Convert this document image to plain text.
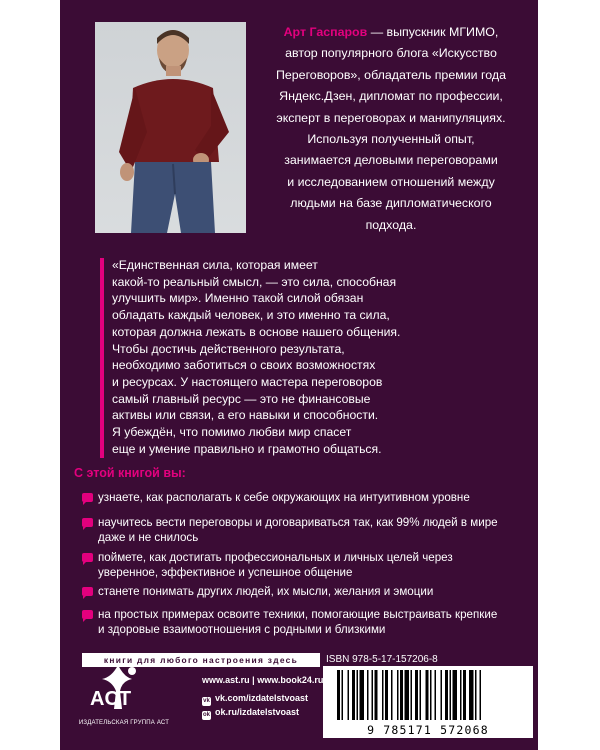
Арт Гаспаров — выпускник МГИМО,
автор популярного блога «Искусство
Переговоров», обладатель премии года
Яндекс.Дзен, дипломат по профессии,
эксперт в переговорах и манипуляциях.
Используя полученный опыт,
занимается деловыми переговорами
и исследованием отношений между
людьми на базе дипломатического
подхода.
«Единственная сила, которая имеет
какой-то реальный смысл, — это сила, способная
улучшить мир». Именно такой силой обязан
обладать каждый человек, и это именно та сила,
которая должна лежать в основе нашего общения.
Чтобы достичь действенного результата,
необходимо заботиться о своих возможностях
и ресурсах. У настоящего мастера переговоров
самый главный ресурс — это не финансовые
активы или связи, а его навыки и способности.
Я убеждён, что помимо любви мир спасет
еще и умение правильно и грамотно общаться.
С этой книгой вы:
узнаете, как располагать к себе окружающих на интуитивном уровне
научитесь вести переговоры и договариваться так, как 99% людей в мире
даже и не снилось
поймете, как достигать профессиональных и личных целей через
уверенное, эффективное и успешное общение
станете понимать других людей, их мысли, желания и эмоции
на простых примерах освоите техники, помогающие выстраивать крепкие
и здоровые взаимоотношения с родными и близкими
книги для любого настроения здесь	ISBN 978-5-17-157206-8
9 785171 572068
ACT
ИЗДАТЕЛЬСКАЯ ГРУППА АСТ
www.ast.ru | www.book24.ru
vk vk.com/izdatelstvoast
ok ok.ru/izdatelstvoast
